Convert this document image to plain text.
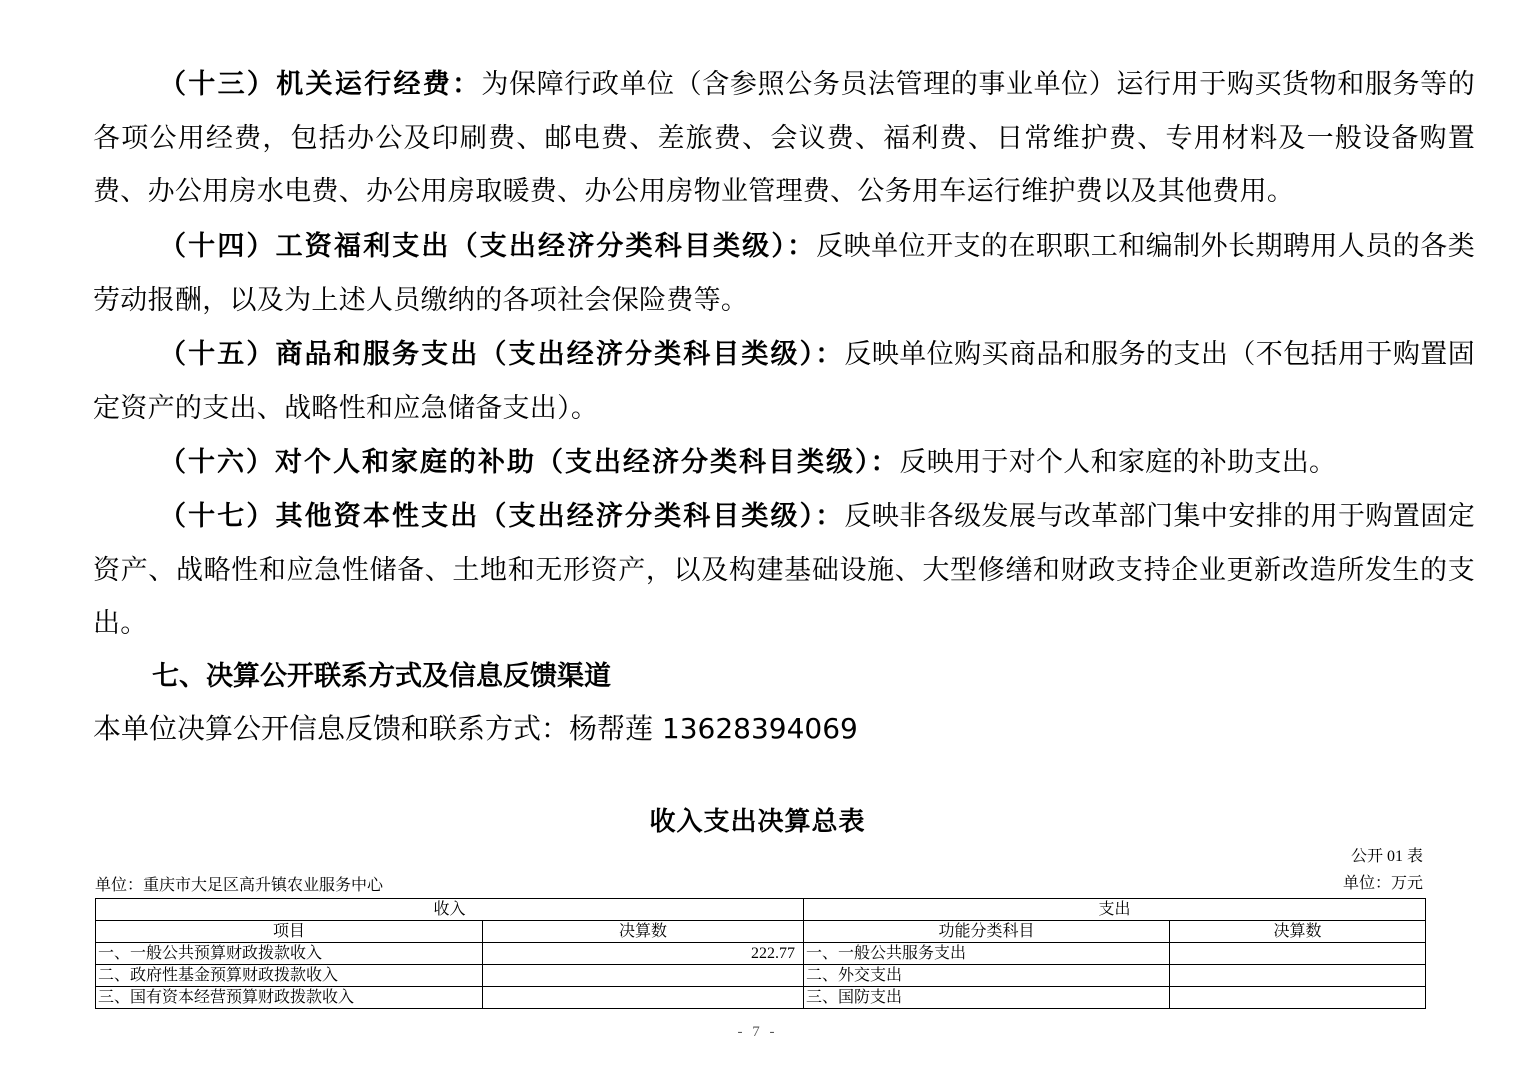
（十三）机关运行经费：为保障行政单位（含参照公务员法管理的事业单位）运行用于购买货物和服务等的各项公用经费，包括办公及印刷费、邮电费、差旅费、会议费、福利费、日常维护费、专用材料及一般设备购置费、办公用房水电费、办公用房取暖费、办公用房物业管理费、公务用车运行维护费以及其他费用。
（十四）工资福利支出（支出经济分类科目类级）：反映单位开支的在职职工和编制外长期聘用人员的各类劳动报酬，以及为上述人员缴纳的各项社会保险费等。
（十五）商品和服务支出（支出经济分类科目类级）：反映单位购买商品和服务的支出（不包括用于购置固定资产的支出、战略性和应急储备支出）。
（十六）对个人和家庭的补助（支出经济分类科目类级）：反映用于对个人和家庭的补助支出。
（十七）其他资本性支出（支出经济分类科目类级）：反映非各级发展与改革部门集中安排的用于购置固定资产、战略性和应急性储备、土地和无形资产，以及构建基础设施、大型修缮和财政支持企业更新改造所发生的支出。
七、决算公开联系方式及信息反馈渠道
本单位决算公开信息反馈和联系方式：杨帮莲 13628394069
收入支出决算总表
公开 01 表
单位：重庆市大足区高升镇农业服务中心	单位：万元
收入		支出	
项目	决算数	功能分类科目	决算数
一、一般公共预算财政拨款收入	222.77	一、一般公共服务支出	
二、政府性基金预算财政拨款收入		二、外交支出	
三、国有资本经营预算财政拨款收入		三、国防支出	
- 7 -
